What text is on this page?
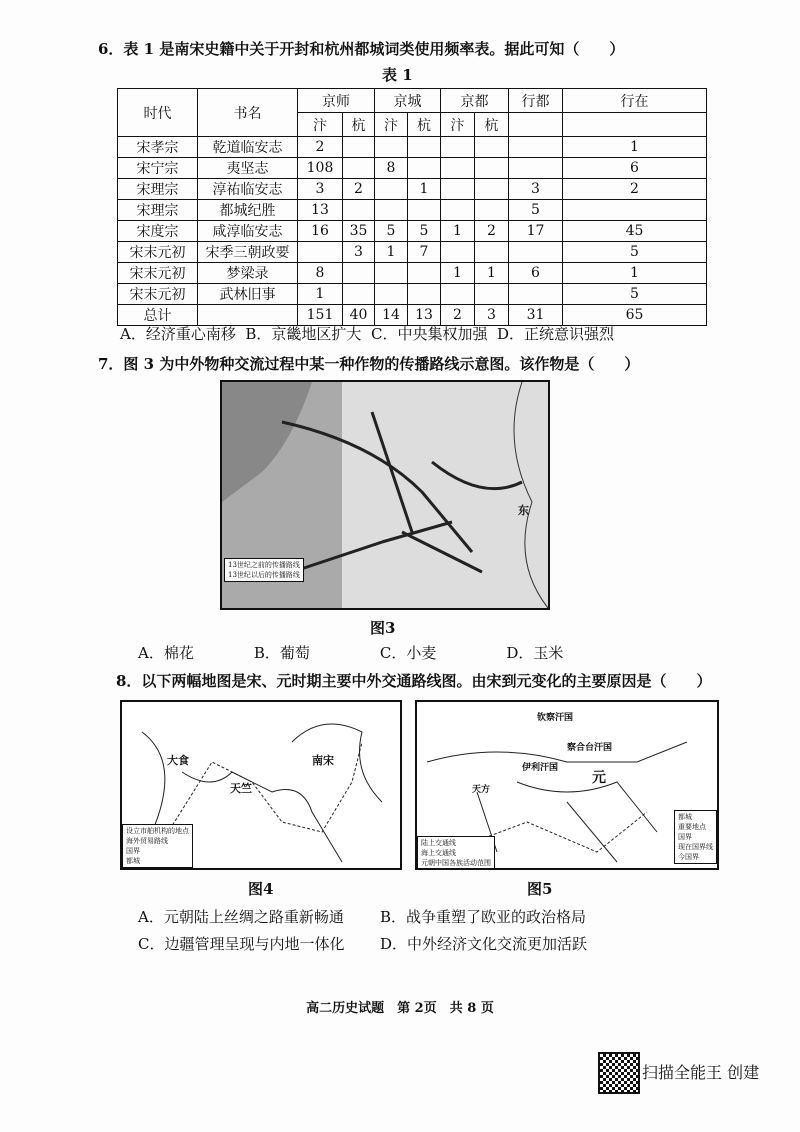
6．表 1 是南宋史籍中关于开封和杭州都城词类使用频率表。据此可知（　　）
表 1
时代	书名	京师		京城		京都		行都	行在
		汴	杭	汴	杭	汴	杭		
宋孝宗	乾道临安志	2							1
宋宁宗	夷坚志	108		8					6
宋理宗	淳祐临安志	3	2		1			3	2
宋理宗	都城纪胜	13						5	
宋度宗	咸淳临安志	16	35	5	5	1	2	17	45
宋末元初	宋季三朝政要		3	1	7				5
宋末元初	梦梁录	8				1	1	6	1
宋末元初	武林旧事	1							5
总计		151	40	14	13	2	3	31	65
A．经济重心南移 B．京畿地区扩大 C．中央集权加强 D．正统意识强烈
7．图 3 为中外物种交流过程中某一种作物的传播路线示意图。该作物是（　　）
东
13世纪之前的传播路线
13世纪以后的传播路线
图3
A．棉花	B．葡萄	C．小麦	D．玉米
8．以下两幅地图是宋、元时期主要中外交通路线图。由宋到元变化的主要原因是（　　）
大食
天竺
南宋
设立市舶机构的地点
海外贸易路线
国界
都城
钦察汗国
伊利汗国
元
察合台汗国
天方
陆上交通线
海上交通线
元朝中国各族活动范围
都城
重要地点
国界
现在国界线
今国界
图4	图5
A．元朝陆上丝绸之路重新畅通 B．战争重塑了欧亚的政治格局
C．边疆管理呈现与内地一体化 D．中外经济文化交流更加活跃
高二历史试题　第 2页　共 8 页
扫描全能王 创建
